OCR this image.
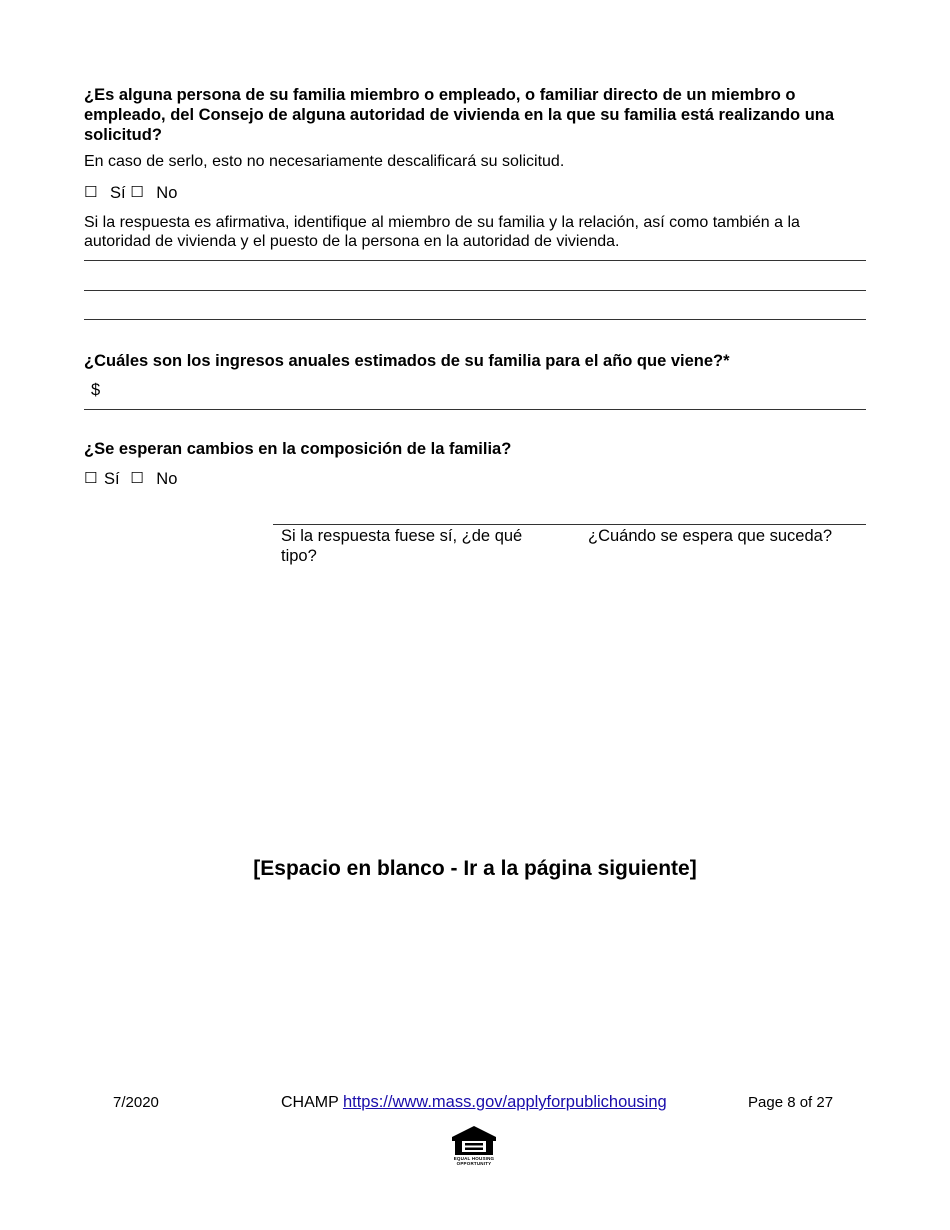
¿Es alguna persona de su familia miembro o empleado, o familiar directo de un miembro o empleado, del Consejo de alguna autoridad de vivienda en la que su familia está realizando una solicitud?
En caso de serlo, esto no necesariamente descalificará su solicitud.
☐ Sí ☐ No
Si la respuesta es afirmativa, identifique al miembro de su familia y la relación, así como también a la autoridad de vivienda y el puesto de la persona en la autoridad de vivienda.
¿Cuáles son los ingresos anuales estimados de su familia para el año que viene?*
$
¿Se esperan cambios en la composición de la familia?
☐ Sí ☐ No
Si la respuesta fuese sí, ¿de qué tipo?
¿Cuándo se espera que suceda?
[Espacio en blanco - Ir a la página siguiente]
7/2020	CHAMP https://www.mass.gov/applyforpublichousing	Page 8 of 27
EQUAL HOUSING OPPORTUNITY
